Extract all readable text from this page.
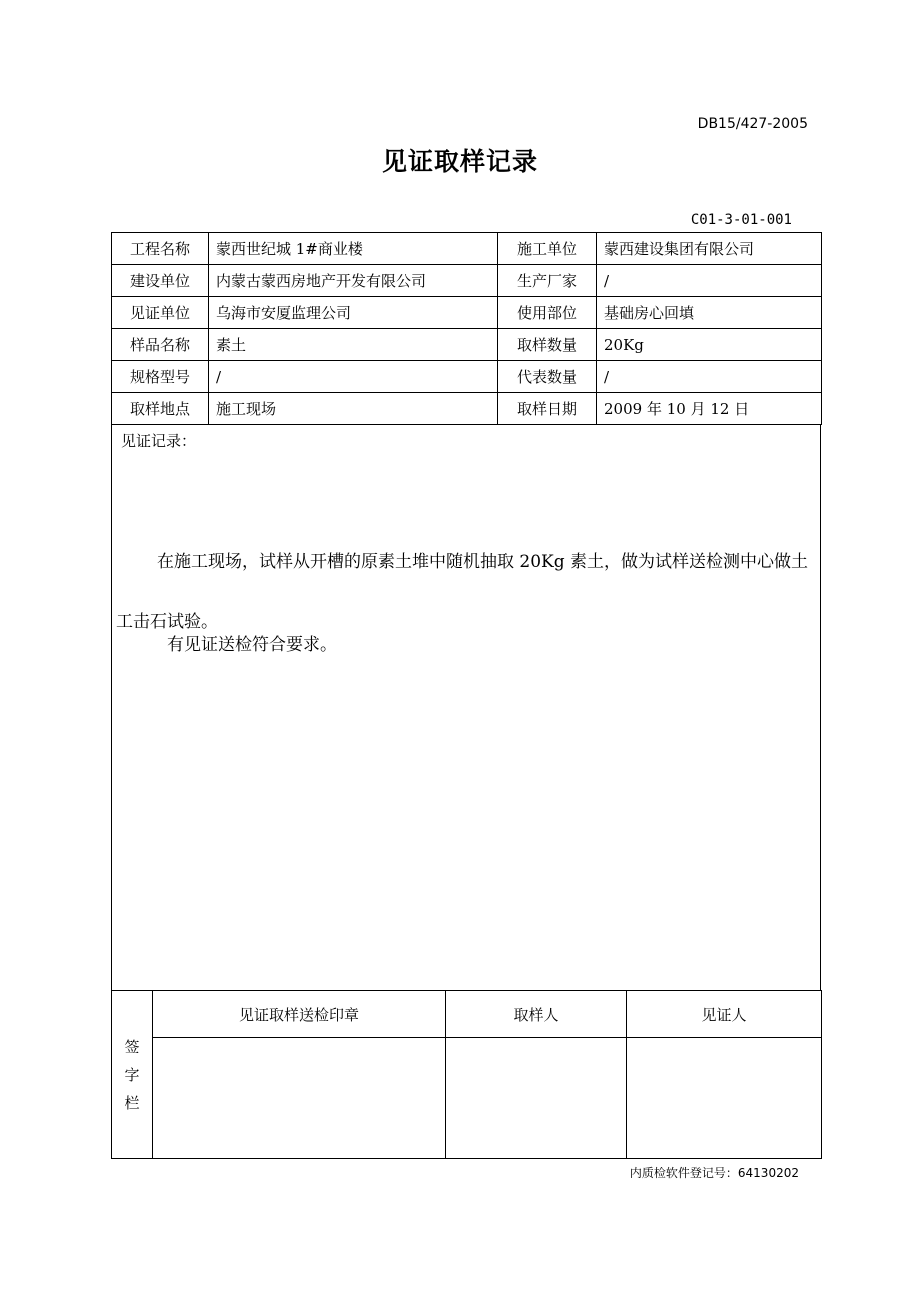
DB15/427-2005
见证取样记录
C01-3-01-001
工程名称	蒙西世纪城 1#商业楼	施工单位	蒙西建设集团有限公司
建设单位	内蒙古蒙西房地产开发有限公司	生产厂家	/
见证单位	乌海市安厦监理公司	使用部位	基础房心回填
样品名称	素土	取样数量	20Kg
规格型号	/	代表数量	/
取样地点	施工现场	取样日期	2009 年 10 月 12 日
见证记录：
在施工现场，试样从开槽的原素土堆中随机抽取 20Kg 素土，做为试样送检测中心做土工击石试验。
有见证送检符合要求。
签
字
栏	见证取样送检印章	取样人	见证人

内质检软件登记号：64130202
